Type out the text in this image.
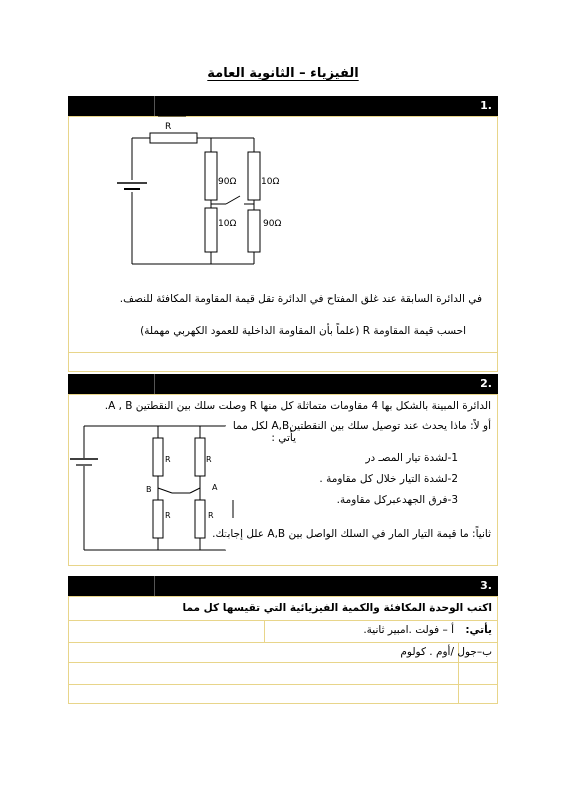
الفيزياء – الثانوية العامة
1.
R
90Ω	10Ω
10Ω	90Ω
في الدائرة السابقة عند غلق المفتاح في الدائرة تقل قيمة المقاومة المكافئة للنصف.
احسب قيمة المقاومة R (علماً بأن المقاومة الداخلية للعمود الكهربي مهملة)
2.
الدائرة المبينة بالشكل بها 4 مقاومات متماثلة كل منها R وصلت سلك بين النقطتين A , B.
أو لاً: ماذا يحدث عند توصيل سلك بين النقطتينA,B لكل مما
يأتي :
1-لشدة تيار المصـ در
2-لشدة التيار خلال كل مقاومة .
3-فرق الجهدعبركل مقاومة.
ثانياً: ما قيمة التيار المار في السلك الواصل بين A,B علل إجابتك.
R	R
R	R
B	A
3.
اكتب الوحدة المكافئة والكمية الفيزيائية التي تقيسها كل مما
يأتي:
أ – فولت .امبير ثانية.
ب–جول /أوم . كولوم
